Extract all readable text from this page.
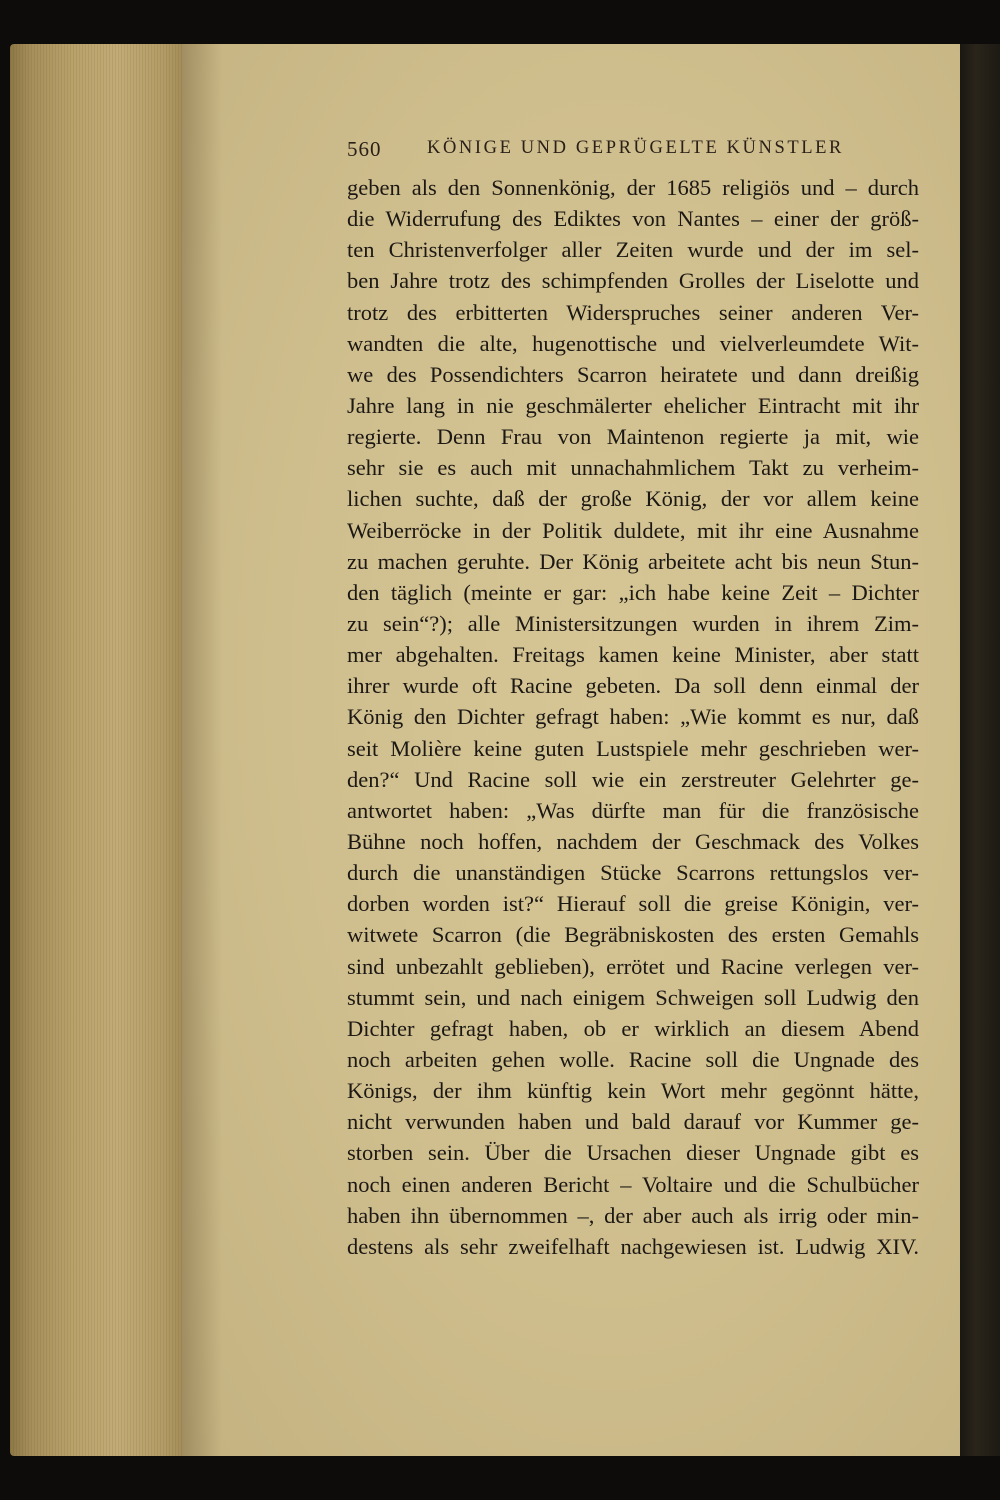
560 KÖNIGE UND GEPRÜGELTE KÜNSTLER
geben als den Sonnenkönig, der 1685 religiös und – durch
die Widerrufung des Ediktes von Nantes – einer der größ-
ten Christenverfolger aller Zeiten wurde und der im sel-
ben Jahre trotz des schimpfenden Grolles der Liselotte und
trotz des erbitterten Widerspruches seiner anderen Ver-
wandten die alte, hugenottische und vielverleumdete Wit-
we des Possendichters Scarron heiratete und dann dreißig
Jahre lang in nie geschmälerter ehelicher Eintracht mit ihr
regierte. Denn Frau von Maintenon regierte ja mit, wie
sehr sie es auch mit unnachahmlichem Takt zu verheim-
lichen suchte, daß der große König, der vor allem keine
Weiberröcke in der Politik duldete, mit ihr eine Ausnahme
zu machen geruhte. Der König arbeitete acht bis neun Stun-
den täglich (meinte er gar: „ich habe keine Zeit – Dichter
zu sein“?); alle Ministersitzungen wurden in ihrem Zim-
mer abgehalten. Freitags kamen keine Minister, aber statt
ihrer wurde oft Racine gebeten. Da soll denn einmal der
König den Dichter gefragt haben: „Wie kommt es nur, daß
seit Molière keine guten Lustspiele mehr geschrieben wer-
den?“ Und Racine soll wie ein zerstreuter Gelehrter ge-
antwortet haben: „Was dürfte man für die französische
Bühne noch hoffen, nachdem der Geschmack des Volkes
durch die unanständigen Stücke Scarrons rettungslos ver-
dorben worden ist?“ Hierauf soll die greise Königin, ver-
witwete Scarron (die Begräbniskosten des ersten Gemahls
sind unbezahlt geblieben), errötet und Racine verlegen ver-
stummt sein, und nach einigem Schweigen soll Ludwig den
Dichter gefragt haben, ob er wirklich an diesem Abend
noch arbeiten gehen wolle. Racine soll die Ungnade des
Königs, der ihm künftig kein Wort mehr gegönnt hätte,
nicht verwunden haben und bald darauf vor Kummer ge-
storben sein. Über die Ursachen dieser Ungnade gibt es
noch einen anderen Bericht – Voltaire und die Schulbücher
haben ihn übernommen –, der aber auch als irrig oder min-
destens als sehr zweifelhaft nachgewiesen ist. Ludwig XIV.
